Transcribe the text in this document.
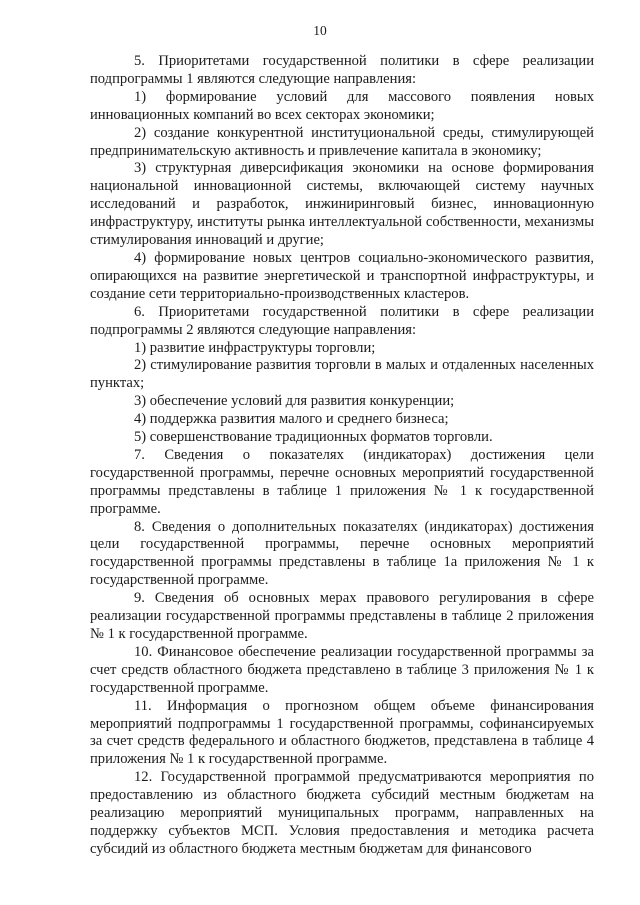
10

5. Приоритетами государственной политики в сфере реализации подпрограммы 1 являются следующие направления:

1) формирование условий для массового появления новых инновационных компаний во всех секторах экономики;

2) создание конкурентной институциональной среды, стимулирующей предпринимательскую активность и привлечение капитала в экономику;

3) структурная диверсификация экономики на основе формирования национальной инновационной системы, включающей систему научных исследований и разработок, инжиниринговый бизнес, инновационную инфраструктуру, институты рынка интеллектуальной собственности, механизмы стимулирования инноваций и другие;

4) формирование новых центров социально-экономического развития, опирающихся на развитие энергетической и транспортной инфраструктуры, и создание сети территориально-производственных кластеров.

6. Приоритетами государственной политики в сфере реализации подпрограммы 2 являются следующие направления:

1) развитие инфраструктуры торговли;

2) стимулирование развития торговли в малых и отдаленных населенных пунктах;

3) обеспечение условий для развития конкуренции;

4) поддержка развития малого и среднего бизнеса;

5) совершенствование традиционных форматов торговли.

7. Сведения о показателях (индикаторах) достижения цели государственной программы, перечне основных мероприятий государственной программы представлены в таблице 1 приложения № 1 к государственной программе.

8. Сведения о дополнительных показателях (индикаторах) достижения цели государственной программы, перечне основных мероприятий государственной программы представлены в таблице 1а приложения № 1 к государственной программе.

9. Сведения об основных мерах правового регулирования в сфере реализации государственной программы представлены в таблице 2 приложения № 1 к государственной программе.

10. Финансовое обеспечение реализации государственной программы за счет средств областного бюджета представлено в таблице 3 приложения № 1 к государственной программе.

11. Информация о прогнозном общем объеме финансирования мероприятий подпрограммы 1 государственной программы, софинансируемых за счет средств федерального и областного бюджетов, представлена в таблице 4 приложения № 1 к государственной программе.

12. Государственной программой предусматриваются мероприятия по предоставлению из областного бюджета субсидий местным бюджетам на реализацию мероприятий муниципальных программ, направленных на поддержку субъектов МСП. Условия предоставления и методика расчета субсидий из областного бюджета местным бюджетам для финансового
